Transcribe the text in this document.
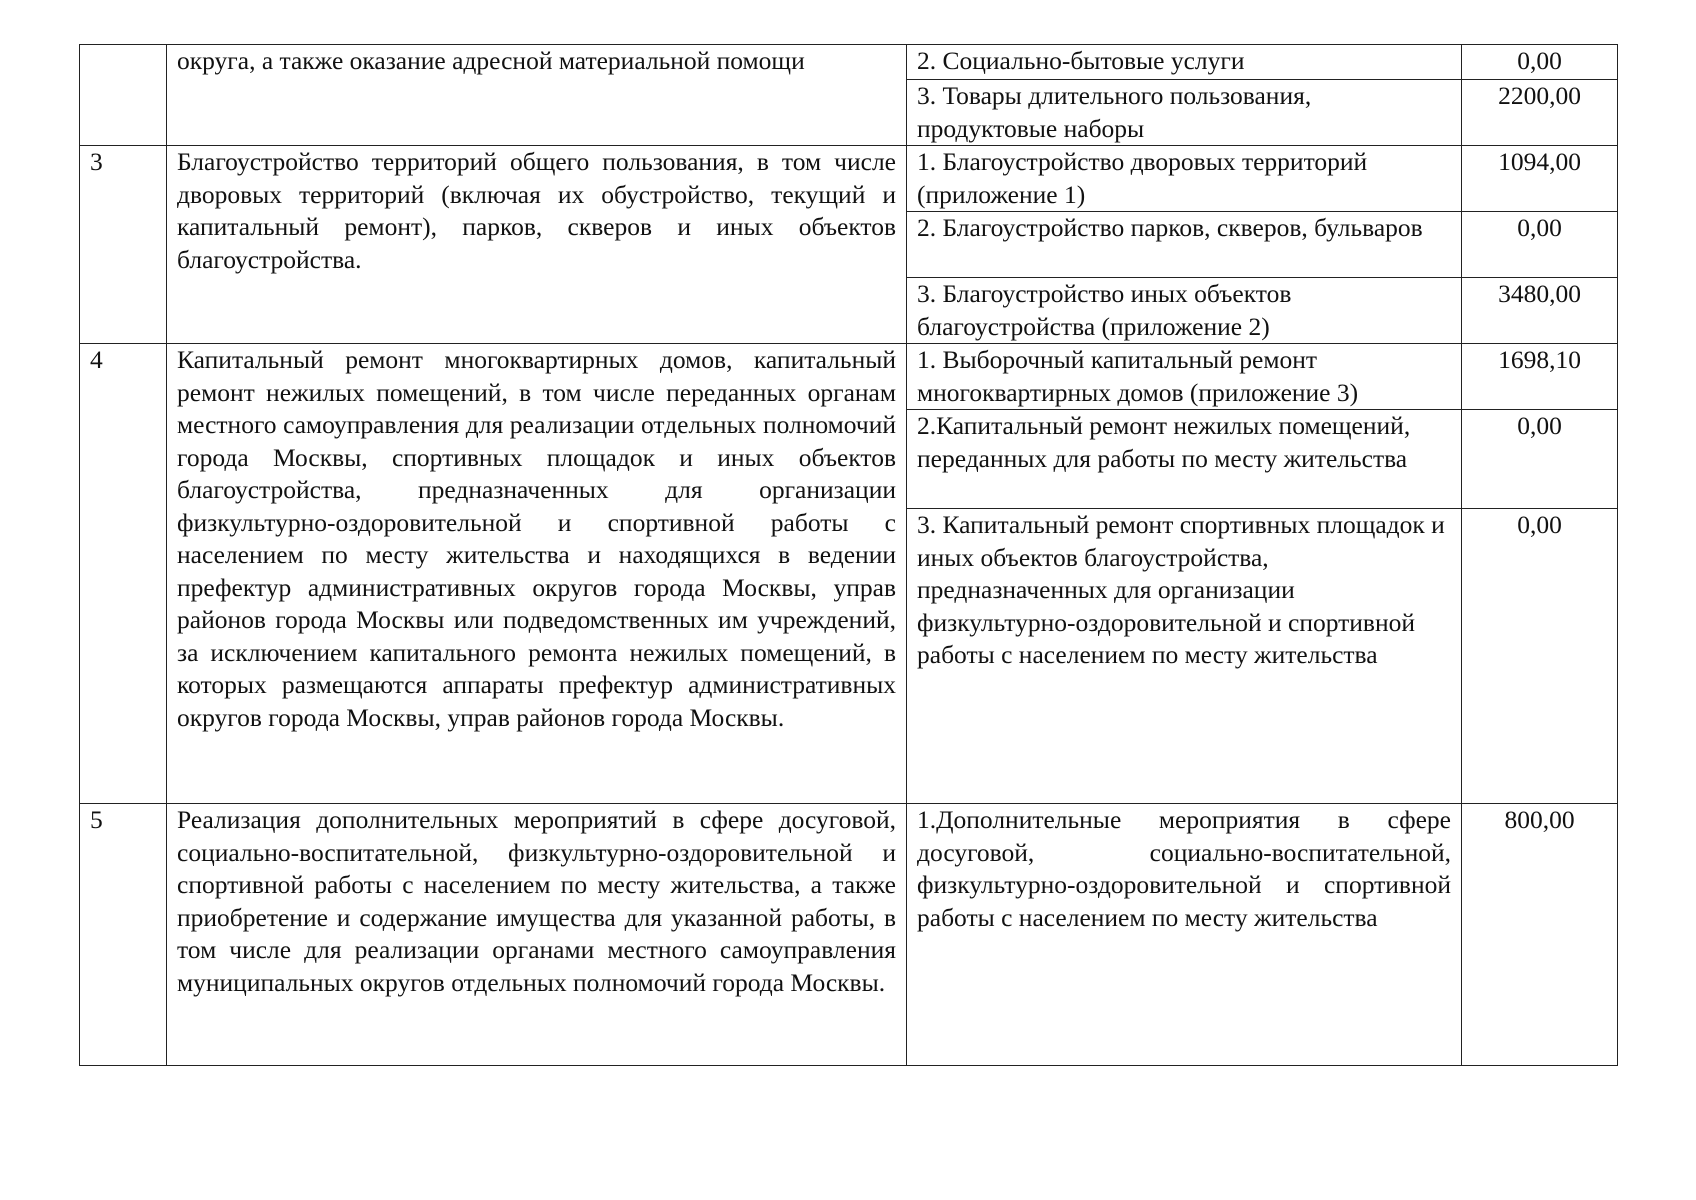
	округа, а также оказание адресной материальной помощи	2. Социально-бытовые услуги	0,00
		3. Товары длительного пользования, продуктовые наборы	2200,00
3	Благоустройство территорий общего пользования, в том числе дворовых территорий (включая их обустройство, текущий и капитальный ремонт), парков, скверов и иных объектов благоустройства.	1. Благоустройство дворовых территорий (приложение 1)	1094,00
		2. Благоустройство парков, скверов, бульваров	0,00
		3. Благоустройство иных объектов благоустройства (приложение 2)	3480,00
4	Капитальный ремонт многоквартирных домов, капитальный ремонт нежилых помещений, в том числе переданных органам местного самоуправления для реализации отдельных полномочий города Москвы, спортивных площадок и иных объектов благоустройства, предназначенных для организации физкультурно-оздоровительной и спортивной работы с населением по месту жительства и находящихся в ведении префектур административных округов города Москвы, управ районов города Москвы или подведомственных им учреждений, за исключением капитального ремонта нежилых помещений, в которых размещаются аппараты префектур административных округов города Москвы, управ районов города Москвы.	1. Выборочный капитальный ремонт многоквартирных домов (приложение 3)	1698,10
		2.Капитальный ремонт нежилых помещений, переданных для работы по месту жительства	0,00
		3. Капитальный ремонт спортивных площадок и иных объектов благоустройства, предназначенных для организации физкультурно-оздоровительной и спортивной работы с населением по месту жительства	0,00
5	Реализация дополнительных мероприятий в сфере досуговой, социально-воспитательной, физкультурно-оздоровительной и спортивной работы с населением по месту жительства, а также приобретение и содержание имущества для указанной работы, в том числе для реализации органами местного самоуправления муниципальных округов отдельных полномочий города Москвы.	1.Дополнительные мероприятия в сфере досуговой, социально-воспитательной, физкультурно-оздоровительной и спортивной работы с населением по месту жительства	800,00
